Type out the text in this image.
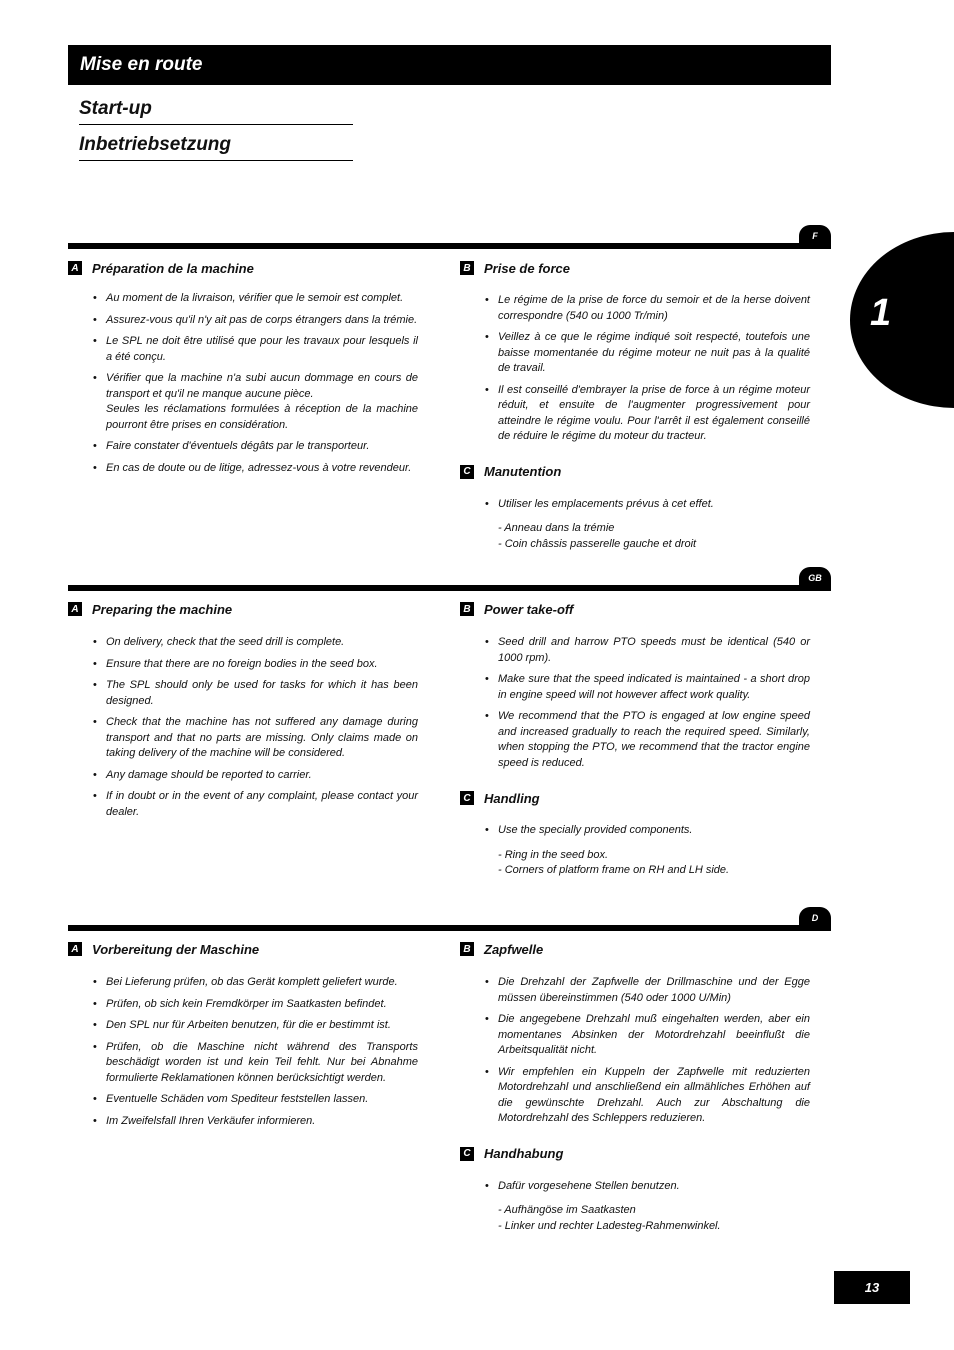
Mise en route
Start-up
Inbetriebsetzung
1
F
A Préparation de la machine
• Au moment de la livraison, vérifier que le semoir est complet.
• Assurez-vous qu'il n'y ait pas de corps étrangers dans la trémie.
• Le SPL ne doit être utilisé que pour les travaux pour lesquels il a été conçu.
• Vérifier que la machine n'a subi aucun dommage en cours de transport et qu'il ne manque aucune pièce.
Seules les réclamations formulées à réception de la machine pourront être prises en considération.
• Faire constater d'éventuels dégâts par le transporteur.
• En cas de doute ou de litige, adressez-vous à votre revendeur.
B Prise de force
• Le régime de la prise de force du semoir et de la herse doivent correspondre (540 ou 1000 Tr/min)
• Veillez à ce que le régime indiqué soit respecté, toutefois une baisse momentanée du régime moteur ne nuit pas à la qualité de travail.
• Il est conseillé d'embrayer la prise de force à un régime moteur réduit, et ensuite de l'augmenter progressivement pour atteindre le régime voulu. Pour l'arrêt il est également conseillé de réduire le régime du moteur du tracteur.
C Manutention
• Utiliser les emplacements prévus à cet effet.
- Anneau dans la trémie
- Coin châssis passerelle gauche et droit
GB
A Preparing the machine
• On delivery, check that the seed drill is complete.
• Ensure that there are no foreign bodies in the seed box.
• The SPL should only be used for tasks for which it has been designed.
• Check that the machine has not suffered any damage during transport and that no parts are missing. Only claims made on taking delivery of the machine will be considered.
• Any damage should be reported to carrier.
• If in doubt or in the event of any complaint, please contact your dealer.
B Power take-off
• Seed drill and harrow PTO speeds must be identical (540 or 1000 rpm).
• Make sure that the speed indicated is maintained - a short drop in engine speed will not however affect work quality.
• We recommend that the PTO is engaged at low engine speed and increased gradually to reach the required speed. Similarly, when stopping the PTO, we recommend that the tractor engine speed is reduced.
C Handling
• Use the specially provided components.
- Ring in the seed box.
- Corners of platform frame on RH and LH side.
D
A Vorbereitung der Maschine
• Bei Lieferung prüfen, ob das Gerät komplett geliefert wurde.
• Prüfen, ob sich kein Fremdkörper im Saatkasten befindet.
• Den SPL nur für Arbeiten benutzen, für die er bestimmt ist.
• Prüfen, ob die Maschine nicht während des Transports beschädigt worden ist und kein Teil fehlt. Nur bei Abnahme formulierte Reklamationen können berücksichtigt werden.
• Eventuelle Schäden vom Spediteur feststellen lassen.
• Im Zweifelsfall Ihren Verkäufer informieren.
B Zapfwelle
• Die Drehzahl der Zapfwelle der Drillmaschine und der Egge müssen übereinstimmen (540 oder 1000 U/Min)
• Die angegebene Drehzahl muß eingehalten werden, aber ein momentanes Absinken der Motordrehzahl beeinflußt die Arbeitsqualität nicht.
• Wir empfehlen ein Kuppeln der Zapfwelle mit reduzierten Motordrehzahl und anschließend ein allmähliches Erhöhen auf die gewünschte Drehzahl. Auch zur Abschaltung die Motordrehzahl des Schleppers reduzieren.
C Handhabung
• Dafür vorgesehene Stellen benutzen.
- Aufhängöse im Saatkasten
- Linker und rechter Ladesteg-Rahmenwinkel.
13
